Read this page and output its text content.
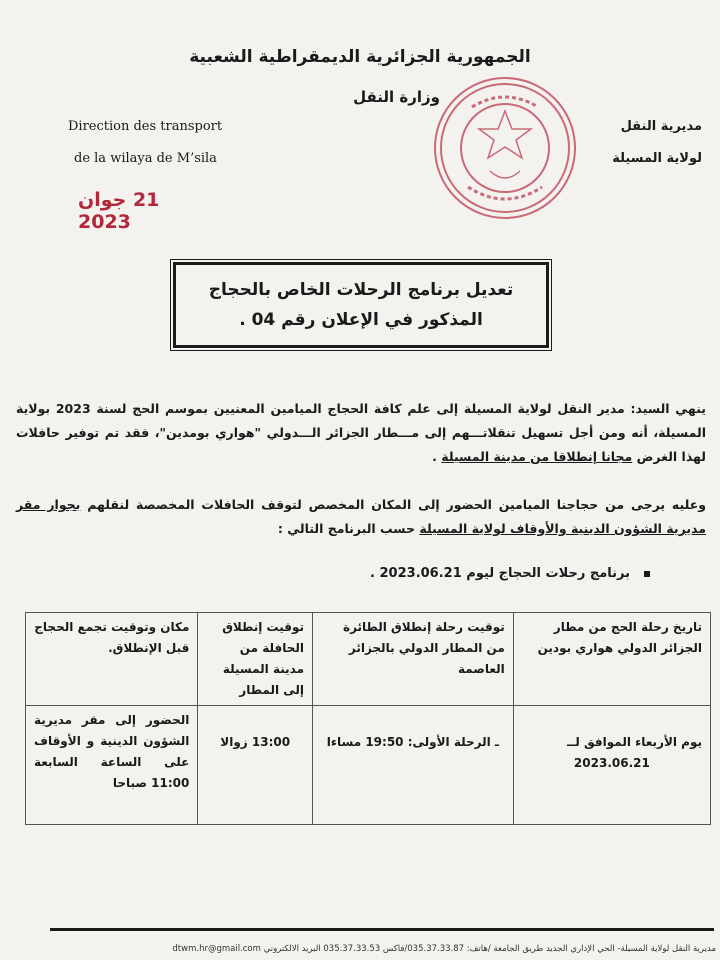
الجمهورية الجزائرية الديمقراطية الشعبية
وزارة النقل
Direction des transport
de la wilaya de M’sila
مديرية النقل
لولاية المسيلة
21 جوان 2023
تعديل برنامج الرحلات الخاص بالحجاج
المذكور في الإعلان رقم 04 .
ينهي السيد: مدير النقل لولاية المسيلة إلى علم كافة الحجاج الميامين المعنيين بموسم الحج لسنة 2023 بولاية المسيلة، أنه ومن أجل تسهيل تنقلاتـــهم إلى مـــطار الجزائر الـــدولي "هواري بومدين"، فقد تم توفير حافلات لهذا الغرض مجانا إنطلاقا من مدينة المسيلة .
وعليه يرجى من حجاجنا الميامين الحضور إلى المكان المخصص لتوقف الحافلات المخصصة لنقلهم بجوار مقر مديرية الشؤون الدينية والأوقاف لولاية المسيلة حسب البرنامج التالي :
برنامج رحلات الحجاج ليوم 2023.06.21 .
تاريخ رحلة الحج من مطار الجزائر الدولي هواري بودين	توقيت رحلة إنطلاق الطائرة من المطار الدولي بالجزائر العاصمة	توقيت إنطلاق الحافلة من مدينة المسيلة إلى المطار	مكان وتوقيت تجمع الحجاج قبل الإنطلاق.

يوم الأربعاء الموافق لــ
2023.06.21	ـ الرحلة الأولى: 19:50 مساءا	13:00 زوالا	الحضور إلى مقر مديرية الشؤون الدينية و الأوقاف على الساعة السابعة 11:00 صباحا
مديرية النقل لولاية المسيلة- الحي الإداري الجديد طريق الجامعة /هاتف: 035.37.33.87/فاكس 035.37.33.53 البريد الالكتروني dtwm.hr@gmail.com
